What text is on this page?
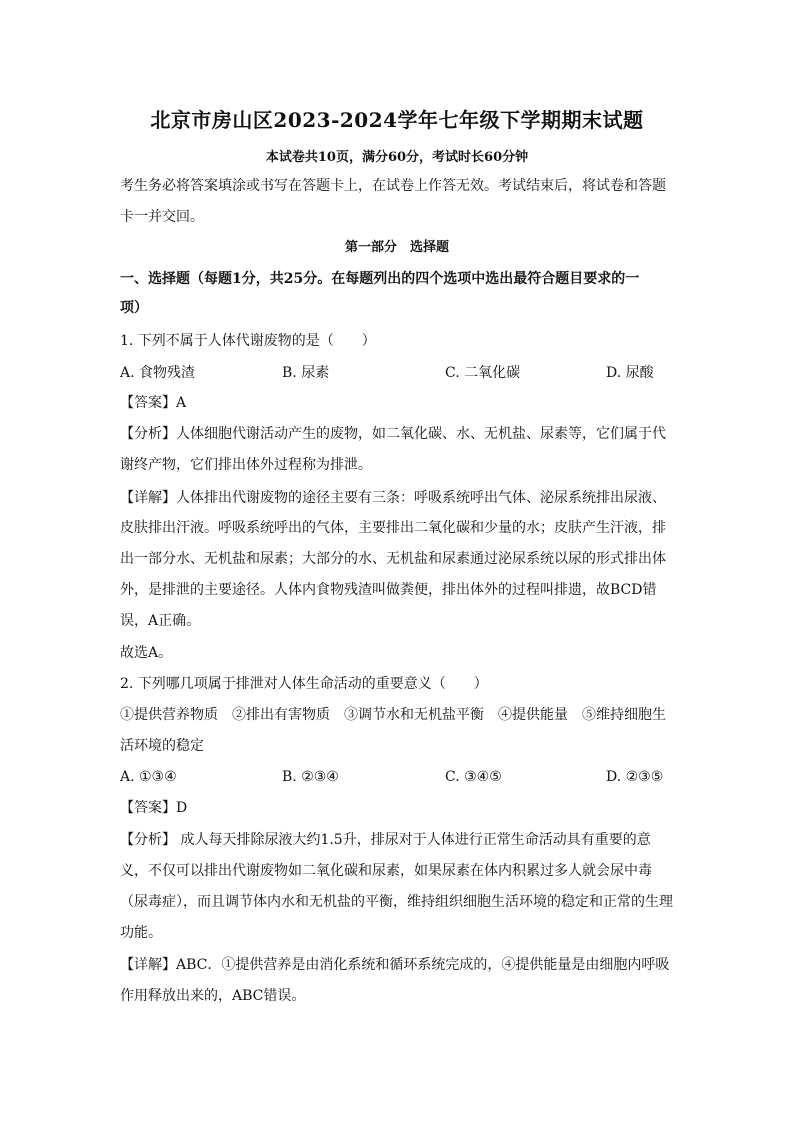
北京市房山区2023-2024学年七年级下学期期末试题
本试卷共10页，满分60分，考试时长60分钟
考生务必将答案填涂或书写在答题卡上，在试卷上作答无效。考试结束后，将试卷和答题
卡一并交回。
第一部分　选择题
一、选择题（每题1分，共25分。在每题列出的四个选项中选出最符合题目要求的一
项）
1. 下列不属于人体代谢废物的是（　　）
A. 食物残渣	B. 尿素	C. 二氧化碳	D. 尿酸
【答案】A
【分析】人体细胞代谢活动产生的废物，如二氧化碳、水、无机盐、尿素等，它们属于代
谢终产物，它们排出体外过程称为排泄。
【详解】人体排出代谢废物的途径主要有三条：呼吸系统呼出气体、泌尿系统排出尿液、
皮肤排出汗液。呼吸系统呼出的气体，主要排出二氧化碳和少量的水；皮肤产生汗液，排
出一部分水、无机盐和尿素；大部分的水、无机盐和尿素通过泌尿系统以尿的形式排出体
外，是排泄的主要途径。人体内食物残渣叫做粪便，排出体外的过程叫排遗，故BCD错
误，A正确。
故选A。
2. 下列哪几项属于排泄对人体生命活动的重要意义（　　）
①提供营养物质　②排出有害物质　③调节水和无机盐平衡　④提供能量　⑤维持细胞生
活环境的稳定
A. ①③④	B. ②③④	C. ③④⑤	D. ②③⑤
【答案】D
【分析】 成人每天排除尿液大约1.5升，排尿对于人体进行正常生命活动具有重要的意
义，不仅可以排出代谢废物如二氧化碳和尿素，如果尿素在体内积累过多人就会尿中毒
（尿毒症），而且调节体内水和无机盐的平衡，维持组织细胞生活环境的稳定和正常的生理
功能。
【详解】ABC．①提供营养是由消化系统和循环系统完成的，④提供能量是由细胞内呼吸
作用释放出来的，ABC错误。
